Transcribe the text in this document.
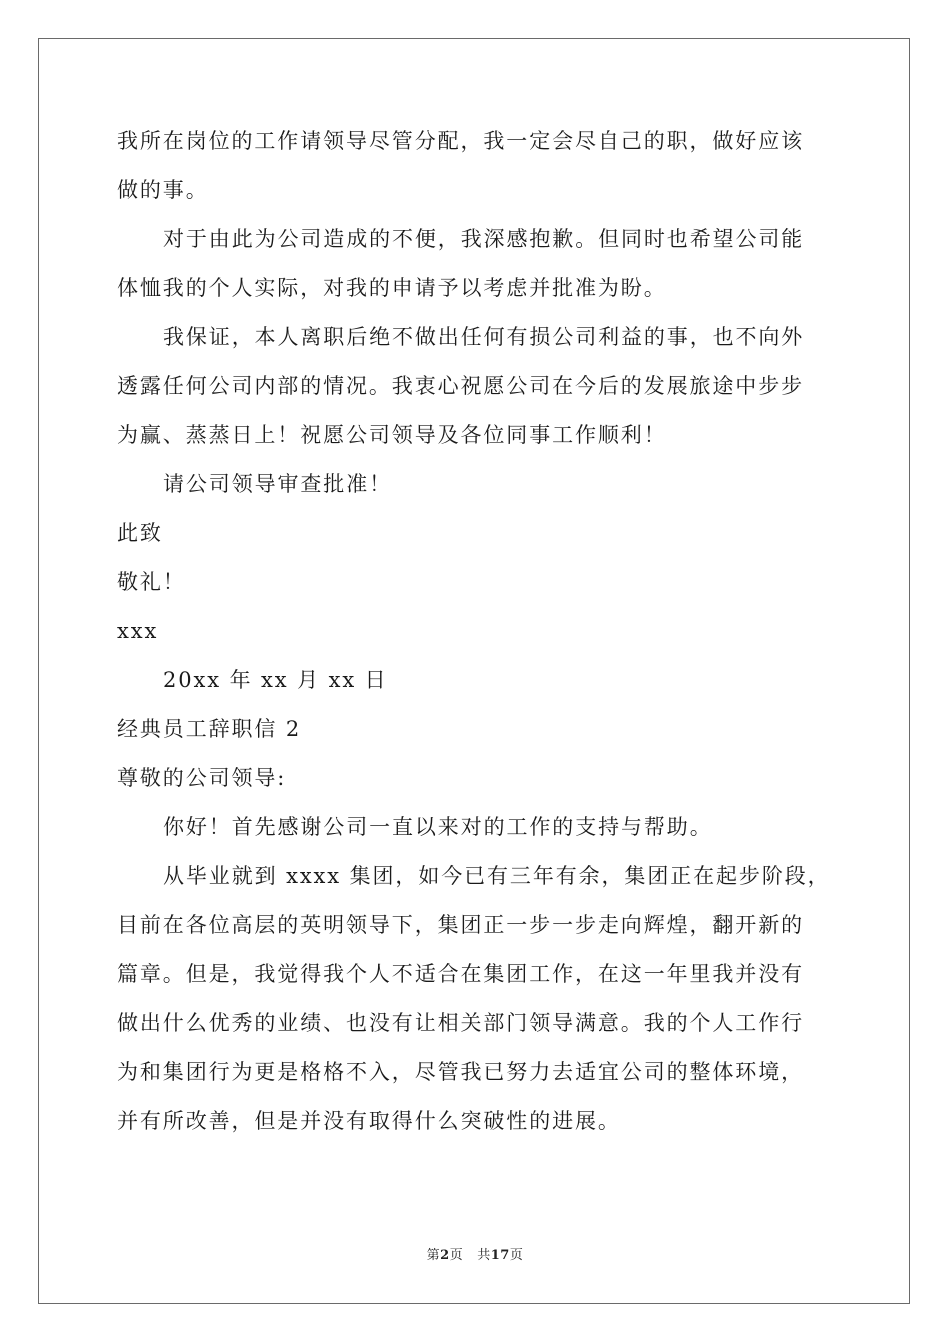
我所在岗位的工作请领导尽管分配，我一定会尽自己的职，做好应该
做的事。
对于由此为公司造成的不便，我深感抱歉。但同时也希望公司能
体恤我的个人实际，对我的申请予以考虑并批准为盼。
我保证，本人离职后绝不做出任何有损公司利益的事，也不向外
透露任何公司内部的情况。我衷心祝愿公司在今后的发展旅途中步步
为赢、蒸蒸日上！祝愿公司领导及各位同事工作顺利！
请公司领导审查批准！
此致
敬礼！
xxx
20xx 年 xx 月 xx 日
经典员工辞职信 2
尊敬的公司领导:
你好！首先感谢公司一直以来对的工作的支持与帮助。
从毕业就到 xxxx 集团，如今已有三年有余，集团正在起步阶段，
目前在各位高层的英明领导下，集团正一步一步走向辉煌，翻开新的
篇章。但是，我觉得我个人不适合在集团工作，在这一年里我并没有
做出什么优秀的业绩、也没有让相关部门领导满意。我的个人工作行
为和集团行为更是格格不入，尽管我已努力去适宜公司的整体环境，
并有所改善，但是并没有取得什么突破性的进展。
第2页 共17页
